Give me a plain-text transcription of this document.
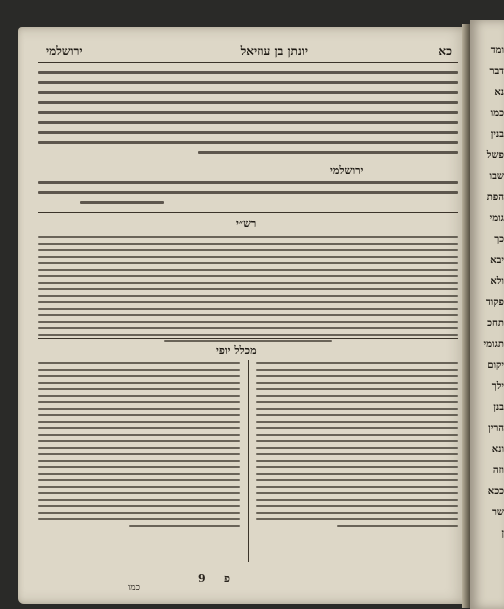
כא
יונתן בן עוזיאל
ירושלמי
ירושלמי
רש״י
מכלל יופי
9 פ
כמו
ומד
דבר
נא
כמו
בנין
פשל
שבו
הפת
גומי
כך
יבא
ולא
פקוד
תחכ
תגומי
יקום
ילך
בנן
הרין
ונא
וזה
ככא
שר
ן
